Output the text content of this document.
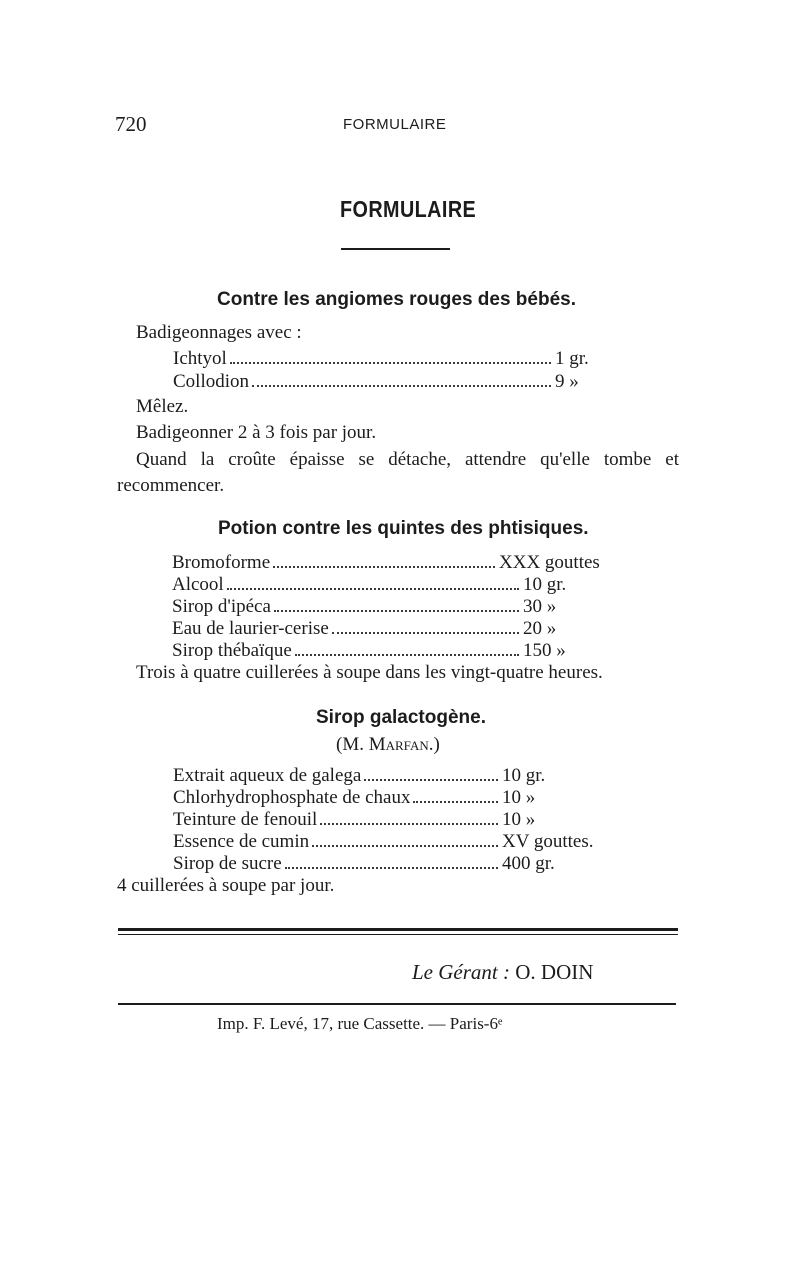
720	FORMULAIRE
FORMULAIRE
Contre les angiomes rouges des bébés.
Badigeonnages avec :
Ichtyol	1 gr.
Collodion	9 »
Mêlez.
Badigeonner 2 à 3 fois par jour.
Quand la croûte épaisse se détache, attendre qu'elle tombe et
recommencer.
Potion contre les quintes des phtisiques.
Bromoforme	XXX gouttes
Alcool	10 gr.
Sirop d'ipéca	30 »
Eau de laurier-cerise	20 »
Sirop thébaïque	150 »
Trois à quatre cuillerées à soupe dans les vingt-quatre heures.
Sirop galactogène.
(M. Marfan.)
Extrait aqueux de galega	10 gr.
Chlorhydrophosphate de chaux	10 »
Teinture de fenouil	10 »
Essence de cumin	XV gouttes.
Sirop de sucre	400 gr.
4 cuillerées à soupe par jour.
Le Gérant : O. DOIN
Imp. F. Levé, 17, rue Cassette. — Paris-6ᵉ
